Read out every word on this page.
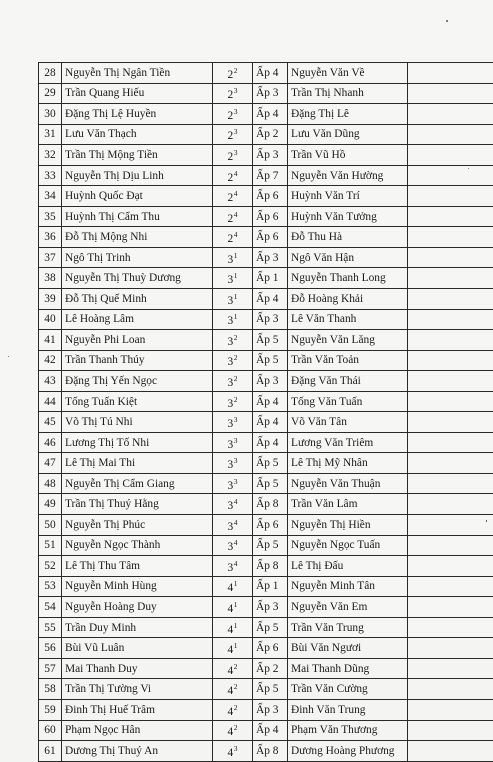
28	Nguyễn Thị Ngân Tiền	$2^2$	Ấp 4	Nguyễn Văn Về	
29	Trần Quang Hiếu	$2^3$	Ấp 3	Trần Thị Nhanh	
30	Đặng Thị Lệ Huyền	$2^3$	Ấp 4	Đặng Thị Lê	
31	Lưu Văn Thạch	$2^3$	Ấp 2	Lưu Văn Dũng	
32	Trần Thị Mộng Tiền	$2^3$	Ấp 3	Trần Vũ Hồ	
33	Nguyễn Thị Dịu Linh	$2^4$	Ấp 7	Nguyễn Văn Hường	
34	Huỳnh Quốc Đạt	$2^4$	Ấp 6	Huỳnh Văn Trí	
35	Huỳnh Thị Cẩm Thu	$2^4$	Ấp 6	Huỳnh Văn Tưởng	
36	Đỗ Thị Mộng Nhi	$2^4$	Ấp 6	Đỗ Thu Hà	
37	Ngô Thị Trinh	$3^1$	Ấp 3	Ngô Văn Hận	
38	Nguyễn Thị Thuỳ Dương	$3^1$	Ấp 1	Nguyễn Thanh Long	
39	Đỗ Thị Quế Minh	$3^1$	Ấp 4	Đỗ Hoàng Khải	
40	Lê Hoàng Lâm	$3^1$	Ấp 3	Lê Văn Thanh	
41	Nguyễn Phi Loan	$3^2$	Ấp 5	Nguyễn Văn Lăng	
42	Trần Thanh Thúy	$3^2$	Ấp 5	Trần Văn Toản	
43	Đặng Thị Yến Ngọc	$3^2$	Ấp 3	Đặng Văn Thái	
44	Tống Tuấn Kiệt	$3^2$	Ấp 4	Tống Văn Tuấn	
45	Võ Thị Tú Nhi	$3^3$	Ấp 4	Võ Văn Tân	
46	Lương Thị Tố Nhi	$3^3$	Ấp 4	Lương Văn Triêm	
47	Lê Thị Mai Thi	$3^3$	Ấp 5	Lê Thị Mỹ Nhân	
48	Nguyễn Thị Cẩm Giang	$3^3$	Ấp 5	Nguyễn Văn Thuận	
49	Trần Thị Thuý Hằng	$3^4$	Ấp 8	Trần Văn Lâm	
50	Nguyễn Thị Phúc	$3^4$	Ấp 6	Nguyễn Thị Hiền	
51	Nguyễn Ngọc Thành	$3^4$	Ấp 5	Nguyễn Ngọc Tuấn	
52	Lê Thị Thu Tâm	$3^4$	Ấp 8	Lê Thị Đấu	
53	Nguyễn Minh Hùng	$4^1$	Ấp 1	Nguyễn Minh Tân	
54	Nguyễn Hoàng Duy	$4^1$	Ấp 3	Nguyễn Văn Em	
55	Trần Duy Minh	$4^1$	Ấp 5	Trần Văn Trung	
56	Bùi Vũ Luân	$4^1$	Ấp 6	Bùi Văn Ngươi	
57	Mai Thanh Duy	$4^2$	Ấp 2	Mai Thanh Dũng	
58	Trần Thị Tường Vi	$4^2$	Ấp 5	Trần Văn Cường	
59	Đinh Thị Huế Trâm	$4^2$	Ấp 3	Đinh Văn Trung	
60	Phạm Ngọc Hân	$4^2$	Ấp 4	Phạm Văn Thương	
61	Dương Thị Thuý An	$4^3$	Ấp 8	Dương Hoàng Phương	
